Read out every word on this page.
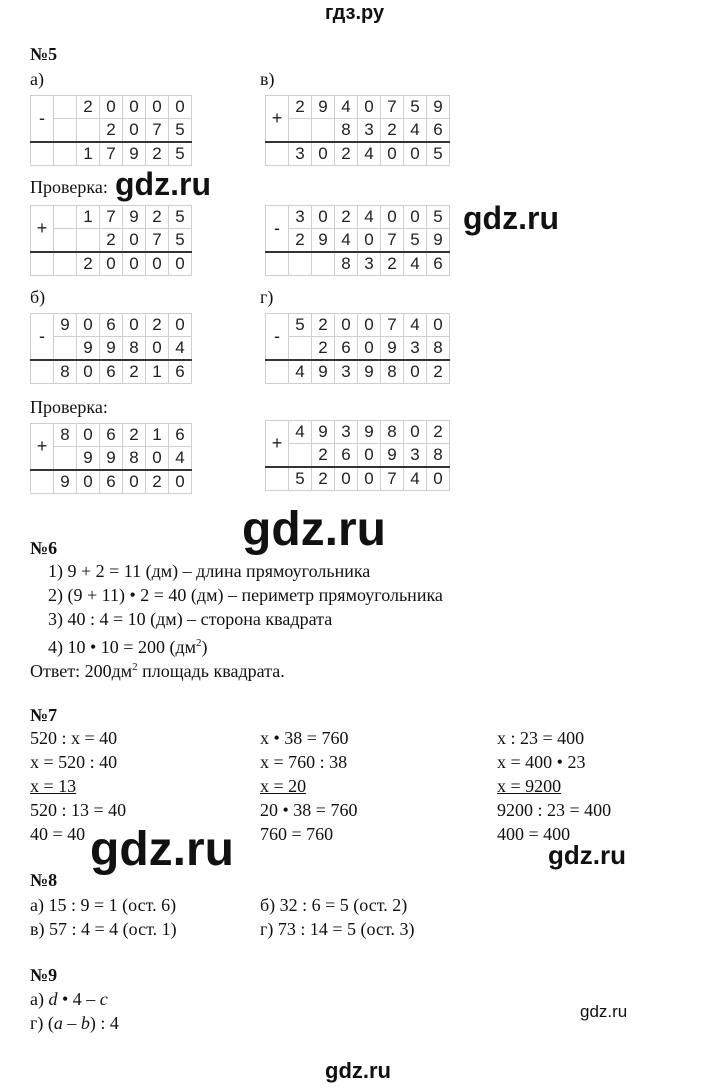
гдз.ру
№5
а)	в)
-		2	0	0	0	0
			2	0	7	5
		1	7	9	2	5
+	2	9	4	0	7	5	9
			8	3	2	4	6
	3	0	2	4	0	0	5
Проверка: gdz.ru
+		1	7	9	2	5
			2	0	7	5
		2	0	0	0	0
-	3	0	2	4	0	0	5
	2	9	4	0	7	5	9
			8	3	2	4	6
gdz.ru
б)	г)
-	9	0	6	0	2	0
		9	9	8	0	4
	8	0	6	2	1	6
-	5	2	0	0	7	4	0
		2	6	0	9	3	8
	4	9	3	9	8	0	2
Проверка:
+	8	0	6	2	1	6
		9	9	8	0	4
	9	0	6	0	2	0
+	4	9	3	9	8	0	2
		2	6	0	9	3	8
	5	2	0	0	7	4	0
gdz.ru
№6
1) 9 + 2 = 11 (дм) – длина прямоугольника
2) (9 + 11) • 2 = 40 (дм) – периметр прямоугольника
3) 40 : 4 = 10 (дм) – сторона квадрата
4) 10 • 10 = 200 $(дм^2)$
Ответ: $200дм^2$ площадь квадрата.
№7
520 : x = 40
x = 520 : 40
x = 13
520 : 13 = 40
40 = 40
x • 38 = 760
x = 760 : 38
x = 20
20 • 38 = 760
760 = 760
x : 23 = 400
x = 400 • 23
x = 9200
9200 : 23 = 400
400 = 400
gdz.ru	gdz.ru
№8
а) 15 : 9 = 1 (ост. 6)	б) 32 : 6 = 5 (ост. 2)
в) 57 : 4 = 4 (ост. 1)	г) 73 : 14 = 5 (ост. 3)
№9
а) d • 4 – c
г) (a – b) : 4
gdz.ru
gdz.ru
